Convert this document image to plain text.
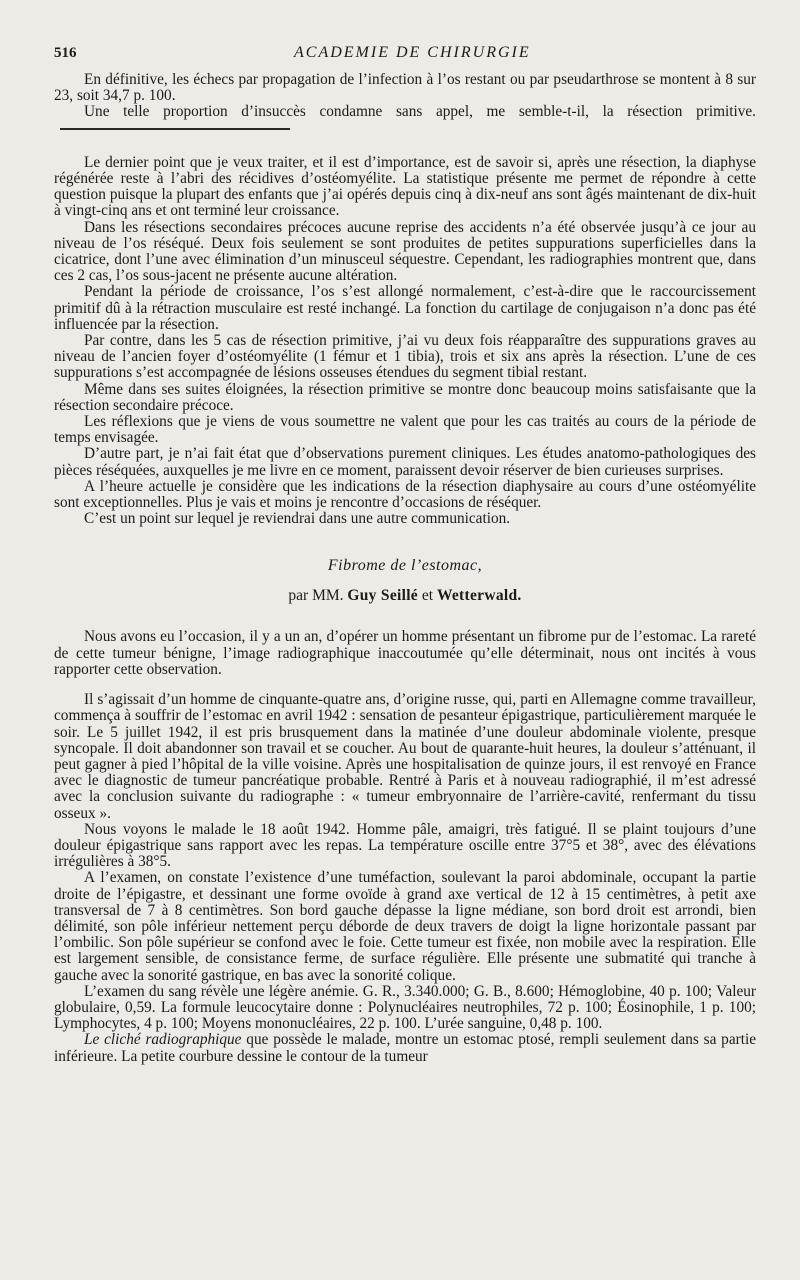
516	ACADEMIE DE CHIRURGIE

En définitive, les échecs par propagation de l’infection à l’os restant ou par pseudarthrose se montent à 8 sur 23, soit 34,7 p. 100.

Une telle proportion d’insuccès condamne sans appel, me semble-t-il, la résection primitive.

Le dernier point que je veux traiter, et il est d’importance, est de savoir si, après une résection, la diaphyse régénérée reste à l’abri des récidives d’ostéomyélite. La statistique présente me permet de répondre à cette question puisque la plupart des enfants que j’ai opérés depuis cinq à dix-neuf ans sont âgés maintenant de dix-huit à vingt-cinq ans et ont terminé leur croissance.

Dans les résections secondaires précoces aucune reprise des accidents n’a été observée jusqu’à ce jour au niveau de l’os réséqué. Deux fois seulement se sont produites de petites suppurations superficielles dans la cicatrice, dont l’une avec élimination d’un minusceul séquestre. Cependant, les radiographies montrent que, dans ces 2 cas, l’os sous-jacent ne présente aucune altération.

Pendant la période de croissance, l’os s’est allongé normalement, c’est-à-dire que le raccourcissement primitif dû à la rétraction musculaire est resté inchangé. La fonction du cartilage de conjugaison n’a donc pas été influencée par la résection.

Par contre, dans les 5 cas de résection primitive, j’ai vu deux fois réapparaître des suppurations graves au niveau de l’ancien foyer d’ostéomyélite (1 fémur et 1 tibia), trois et six ans après la résection. L’une de ces suppurations s’est accompagnée de lésions osseuses étendues du segment tibial restant.

Même dans ses suites éloignées, la résection primitive se montre donc beaucoup moins satisfaisante que la résection secondaire précoce.

Les réflexions que je viens de vous soumettre ne valent que pour les cas traités au cours de la période de temps envisagée.

D’autre part, je n’ai fait état que d’observations purement cliniques. Les études anatomo-pathologiques des pièces réséquées, auxquelles je me livre en ce moment, paraissent devoir réserver de bien curieuses surprises.

A l’heure actuelle je considère que les indications de la résection diaphysaire au cours d’une ostéomyélite sont exceptionnelles. Plus je vais et moins je rencontre d’occasions de réséquer.

C’est un point sur lequel je reviendrai dans une autre communication.

Fibrome de l’estomac,
par MM. Guy Seillé et Wetterwald.

Nous avons eu l’occasion, il y a un an, d’opérer un homme présentant un fibrome pur de l’estomac. La rareté de cette tumeur bénigne, l’image radiographique inaccoutumée qu’elle déterminait, nous ont incités à vous rapporter cette observation.

Il s’agissait d’un homme de cinquante-quatre ans, d’origine russe, qui, parti en Allemagne comme travailleur, commença à souffrir de l’estomac en avril 1942 : sensation de pesanteur épigastrique, particulièrement marquée le soir. Le 5 juillet 1942, il est pris brusquement dans la matinée d’une douleur abdominale violente, presque syncopale. Il doit abandonner son travail et se coucher. Au bout de quarante-huit heures, la douleur s’atténuant, il peut gagner à pied l’hôpital de la ville voisine. Après une hospitalisation de quinze jours, il est renvoyé en France avec le diagnostic de tumeur pancréatique probable. Rentré à Paris et à nouveau radiographié, il m’est adressé avec la conclusion suivante du radiographe : « tumeur embryonnaire de l’arrière-cavité, renfermant du tissu osseux ».

Nous voyons le malade le 18 août 1942. Homme pâle, amaigri, très fatigué. Il se plaint toujours d’une douleur épigastrique sans rapport avec les repas. La température oscille entre 37°5 et 38°, avec des élévations irrégulières à 38°5.

A l’examen, on constate l’existence d’une tuméfaction, soulevant la paroi abdominale, occupant la partie droite de l’épigastre, et dessinant une forme ovoïde à grand axe vertical de 12 à 15 centimètres, à petit axe transversal de 7 à 8 centimètres. Son bord gauche dépasse la ligne médiane, son bord droit est arrondi, bien délimité, son pôle inférieur nettement perçu déborde de deux travers de doigt la ligne horizontale passant par l’ombilic. Son pôle supérieur se confond avec le foie. Cette tumeur est fixée, non mobile avec la respiration. Elle est largement sensible, de consistance ferme, de surface régulière. Elle présente une submatité qui tranche à gauche avec la sonorité gastrique, en bas avec la sonorité colique.

L’examen du sang révèle une légère anémie. G. R., 3.340.000; G. B., 8.600; Hémoglobine, 40 p. 100; Valeur globulaire, 0,59. La formule leucocytaire donne : Polynucléaires neutrophiles, 72 p. 100; Éosinophile, 1 p. 100; Lymphocytes, 4 p. 100; Moyens mononucléaires, 22 p. 100. L’urée sanguine, 0,48 p. 100.

Le cliché radiographique que possède le malade, montre un estomac ptosé, rempli seulement dans sa partie inférieure. La petite courbure dessine le contour de la tumeur
